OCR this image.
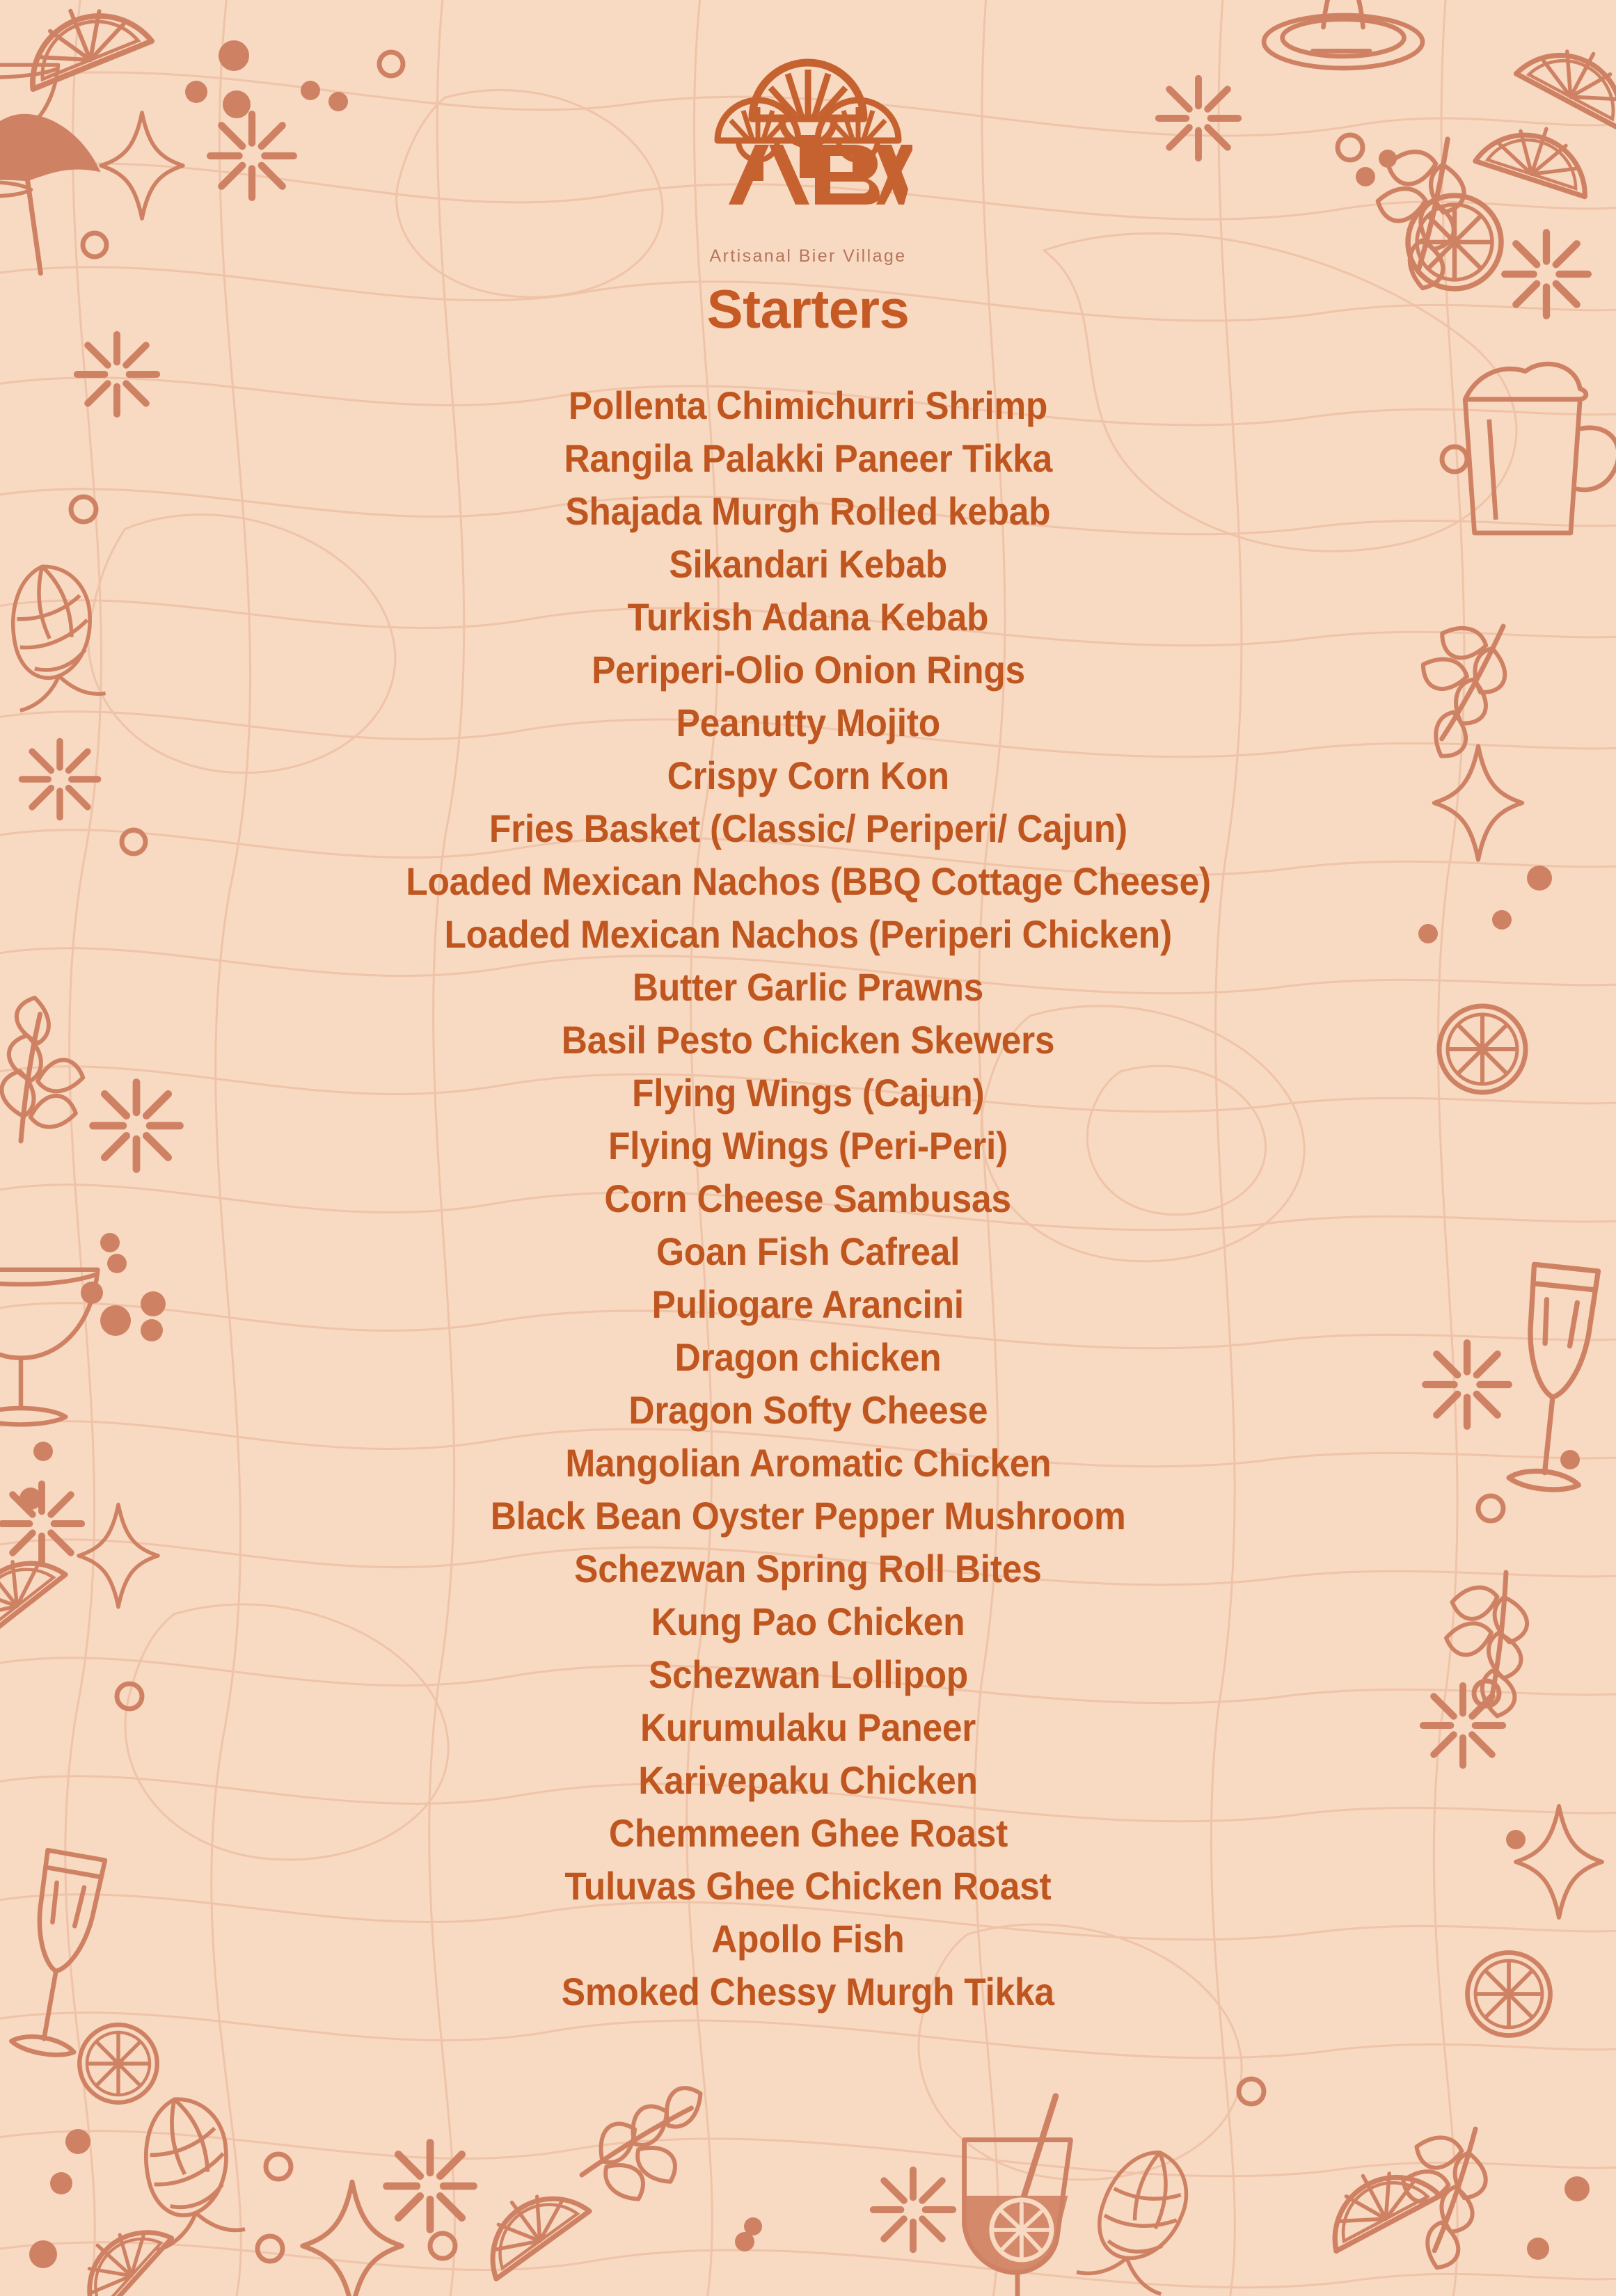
Artisanal Bier Village
Starters
Pollenta Chimichurri Shrimp
Rangila Palakki Paneer Tikka
Shajada Murgh Rolled kebab
Sikandari Kebab
Turkish Adana Kebab
Periperi-Olio Onion Rings
Peanutty Mojito
Crispy Corn Kon
Fries Basket (Classic/ Periperi/ Cajun)
Loaded Mexican Nachos (BBQ Cottage Cheese)
Loaded Mexican Nachos (Periperi Chicken)
Butter Garlic Prawns
Basil Pesto Chicken Skewers
Flying Wings (Cajun)
Flying Wings (Peri-Peri)
Corn Cheese Sambusas
Goan Fish Cafreal
Puliogare Arancini
Dragon chicken
Dragon Softy Cheese
Mangolian Aromatic Chicken
Black Bean Oyster Pepper Mushroom
Schezwan Spring Roll Bites
Kung Pao Chicken
Schezwan Lollipop
Kurumulaku Paneer
Karivepaku Chicken
Chemmeen Ghee Roast
Tuluvas Ghee Chicken Roast
Apollo Fish
Smoked Chessy Murgh Tikka
